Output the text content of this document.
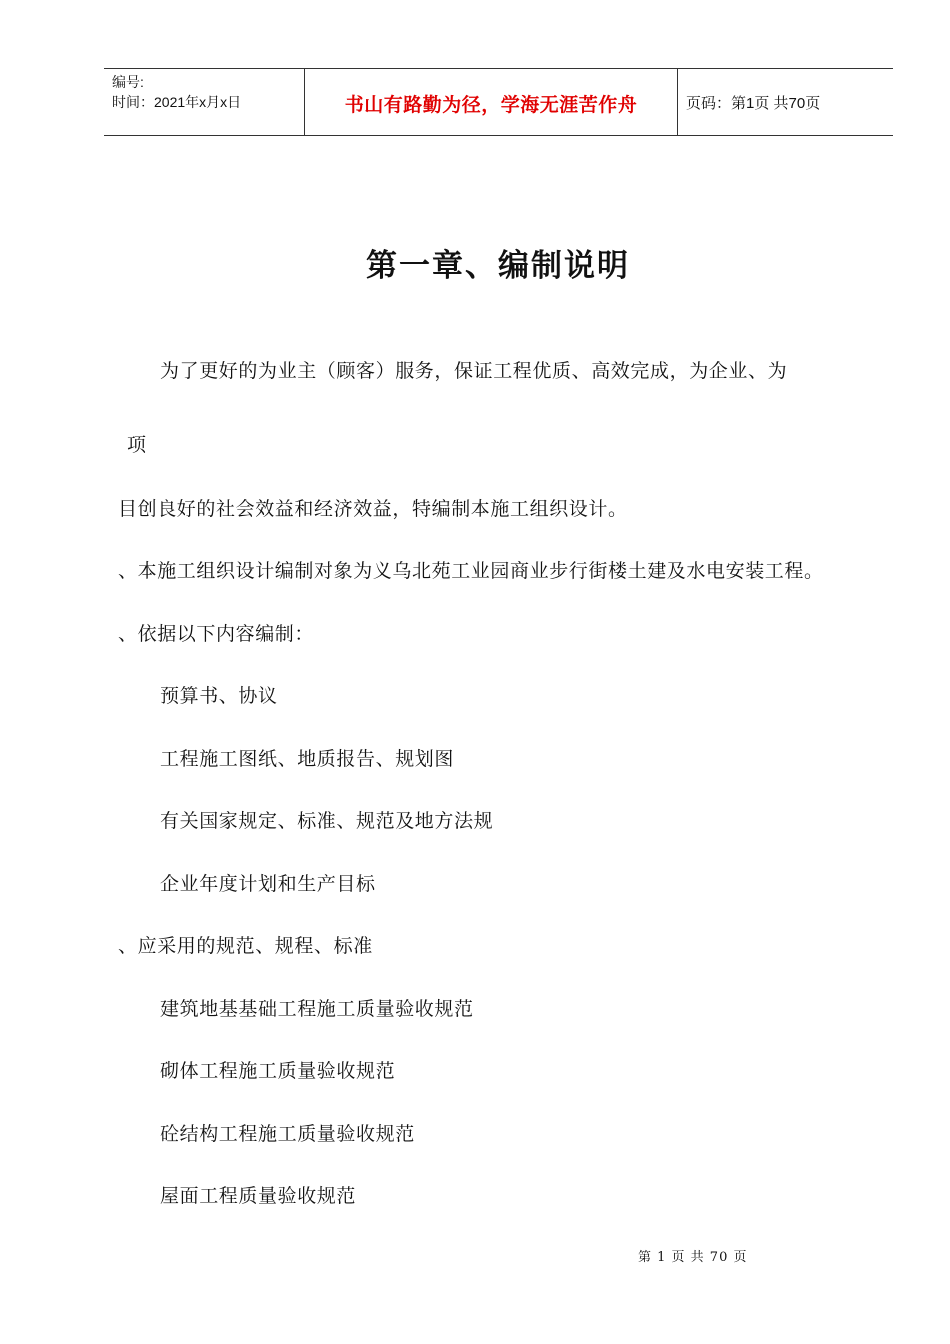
编号:
时间：2021年x月x日	书山有路勤为径，学海无涯苦作舟	页码：第1页 共70页
第一章、编制说明
为了更好的为业主（顾客）服务，保证工程优质、高效完成，为企业、为
项
目创良好的社会效益和经济效益，特编制本施工组织设计。
、本施工组织设计编制对象为义乌北苑工业园商业步行街楼土建及水电安装工程。
、依据以下内容编制：
预算书、协议
工程施工图纸、地质报告、规划图
有关国家规定、标准、规范及地方法规
企业年度计划和生产目标
、应采用的规范、规程、标准
建筑地基基础工程施工质量验收规范
砌体工程施工质量验收规范
砼结构工程施工质量验收规范
屋面工程质量验收规范
第 1 页 共 70 页
